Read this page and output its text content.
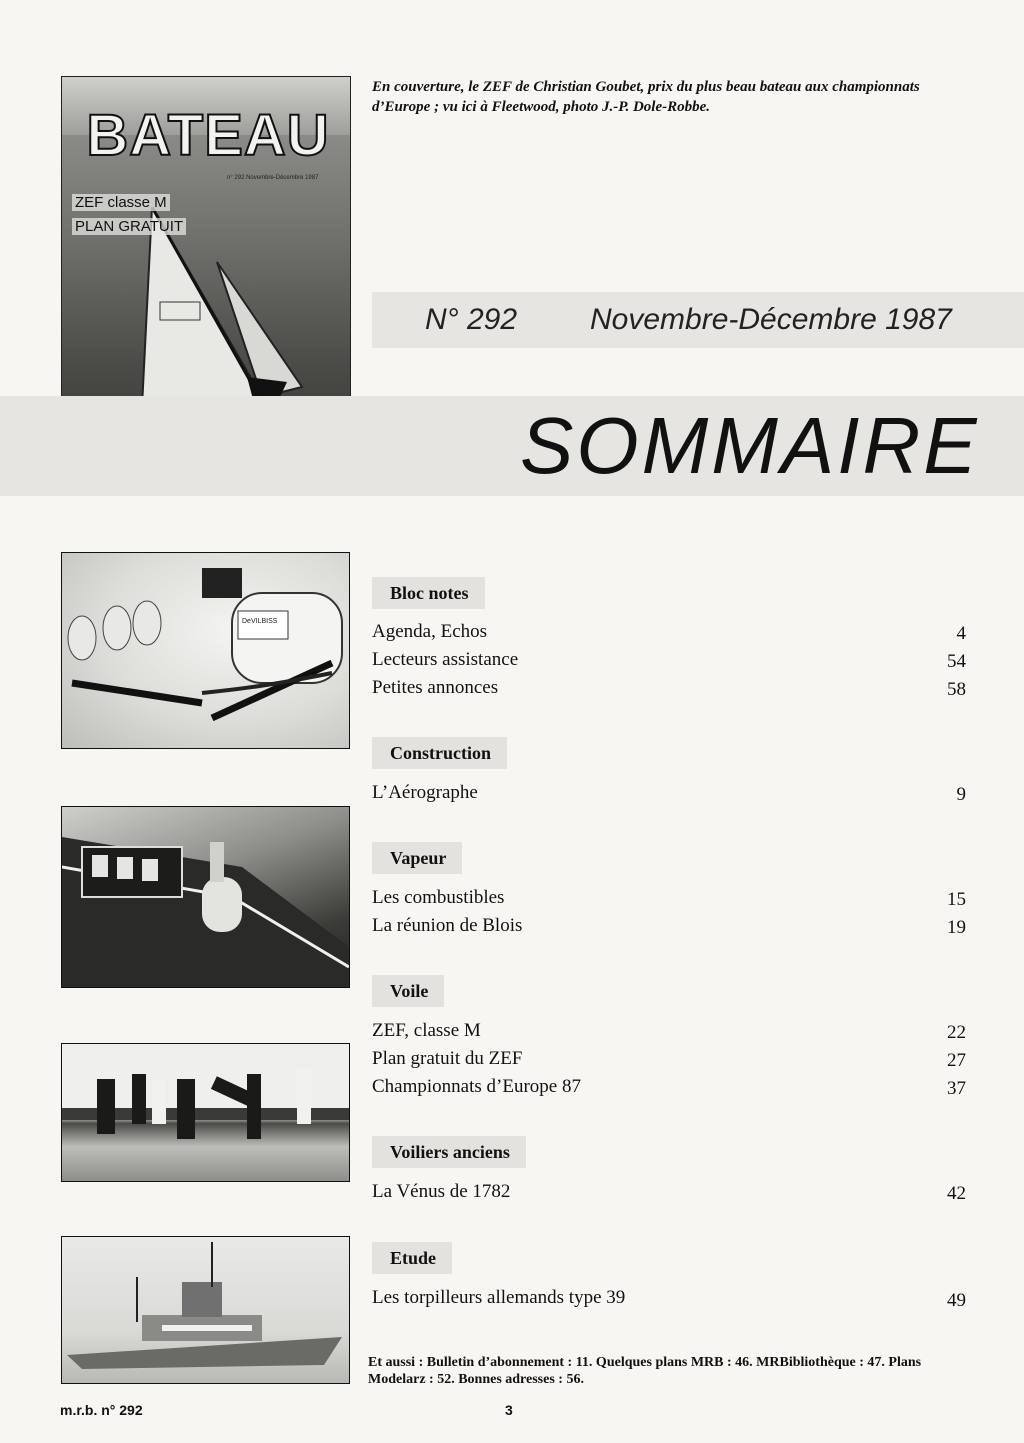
BATEAU
n° 292 Novembre-Décembre 1987
ZEF classe M
PLAN GRATUIT
En couverture, le ZEF de Christian Goubet, prix du plus beau bateau aux championnats d’Europe ; vu ici à Fleetwood, photo J.-P. Dole-Robbe.
N° 292 Novembre-Décembre 1987
SOMMAIRE
DeVILBISS
Bloc notes
Agenda, Echos	4
Lecteurs assistance	54
Petites annonces	58
Construction
L’Aérographe	9
Vapeur
Les combustibles	15
La réunion de Blois	19
Voile
ZEF, classe M	22
Plan gratuit du ZEF	27
Championnats d’Europe 87	37
Voiliers anciens
La Vénus de 1782	42
Etude
Les torpilleurs allemands type 39	49
Et aussi : Bulletin d’abonnement : 11. Quelques plans MRB : 46. MRBibliothèque : 47. Plans Modelarz : 52. Bonnes adresses : 56.
m.r.b. n° 292	3
